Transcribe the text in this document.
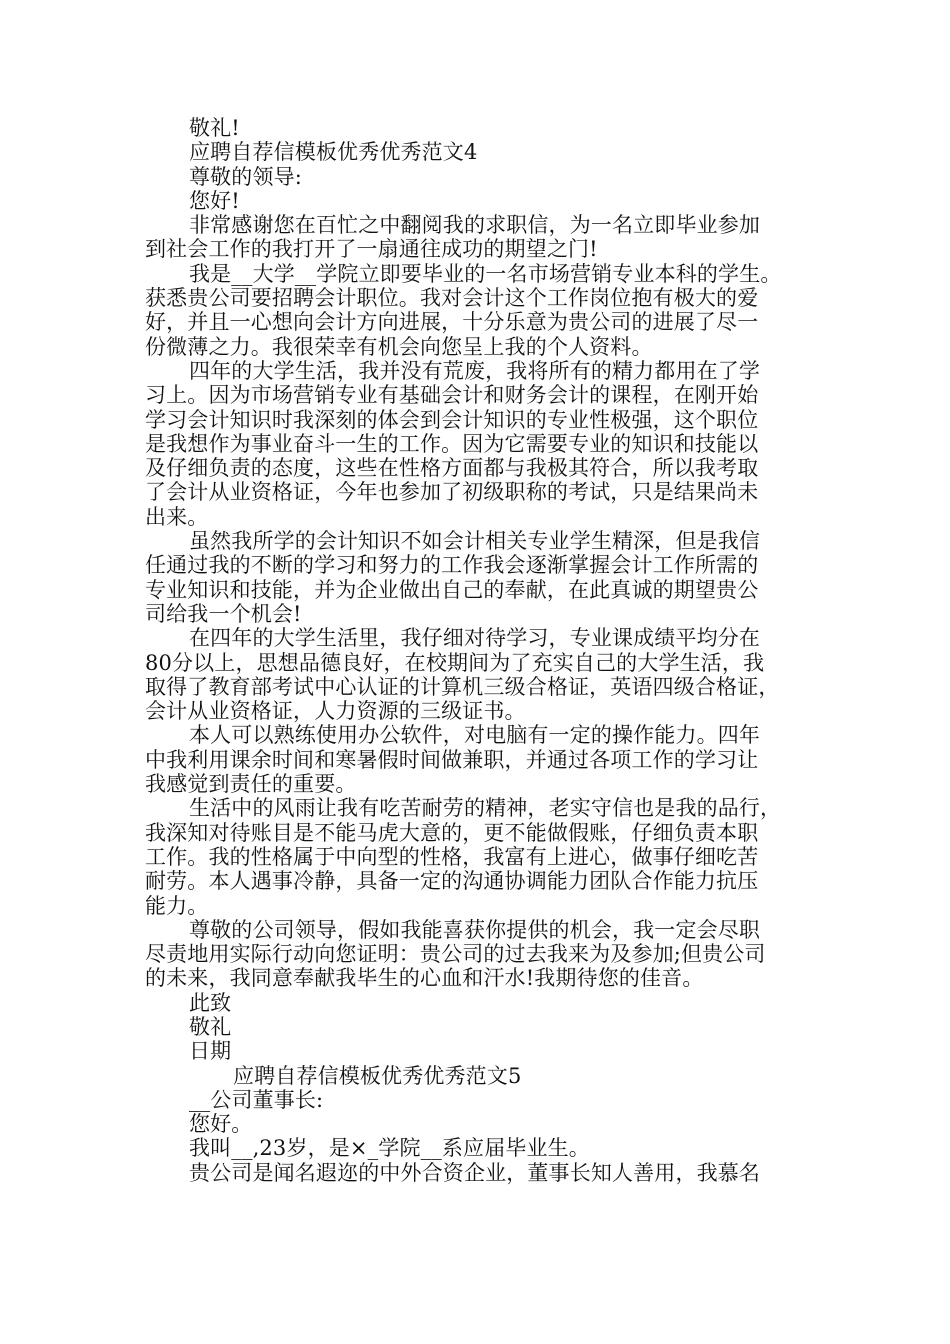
敬礼!
应聘自荐信模板优秀优秀范文4
尊敬的领导:
您好!
非常感谢您在百忙之中翻阅我的求职信，为一名立即毕业参加
到社会工作的我打开了一扇通往成功的期望之门!
我是__大学__学院立即要毕业的一名市场营销专业本科的学生。
获悉贵公司要招聘会计职位。我对会计这个工作岗位抱有极大的爱
好，并且一心想向会计方向进展，十分乐意为贵公司的进展了尽一
份微薄之力。我很荣幸有机会向您呈上我的个人资料。
四年的大学生活，我并没有荒废，我将所有的精力都用在了学
习上。因为市场营销专业有基础会计和财务会计的课程，在刚开始
学习会计知识时我深刻的体会到会计知识的专业性极强，这个职位
是我想作为事业奋斗一生的工作。因为它需要专业的知识和技能以
及仔细负责的态度，这些在性格方面都与我极其符合，所以我考取
了会计从业资格证，今年也参加了初级职称的考试，只是结果尚未
出来。
虽然我所学的会计知识不如会计相关专业学生精深，但是我信
任通过我的不断的学习和努力的工作我会逐渐掌握会计工作所需的
专业知识和技能，并为企业做出自己的奉献，在此真诚的期望贵公
司给我一个机会!
在四年的大学生活里，我仔细对待学习，专业课成绩平均分在
80分以上，思想品德良好，在校期间为了充实自己的大学生活，我
取得了教育部考试中心认证的计算机三级合格证，英语四级合格证，
会计从业资格证，人力资源的三级证书。
本人可以熟练使用办公软件，对电脑有一定的操作能力。四年
中我利用课余时间和寒暑假时间做兼职，并通过各项工作的学习让
我感觉到责任的重要。
生活中的风雨让我有吃苦耐劳的精神，老实守信也是我的品行，
我深知对待账目是不能马虎大意的，更不能做假账，仔细负责本职
工作。我的性格属于中向型的性格，我富有上进心，做事仔细吃苦
耐劳。本人遇事冷静，具备一定的沟通协调能力团队合作能力抗压
能力。
尊敬的公司领导，假如我能喜获你提供的机会，我一定会尽职
尽责地用实际行动向您证明：贵公司的过去我来为及参加;但贵公司
的未来，我同意奉献我毕生的心血和汗水!我期待您的佳音。
此致
敬礼
日期
应聘自荐信模板优秀优秀范文5
__公司董事长:
您好。
我叫__,23岁，是×_学院__系应届毕业生。
贵公司是闻名遐迩的中外合资企业，董事长知人善用，我慕名
